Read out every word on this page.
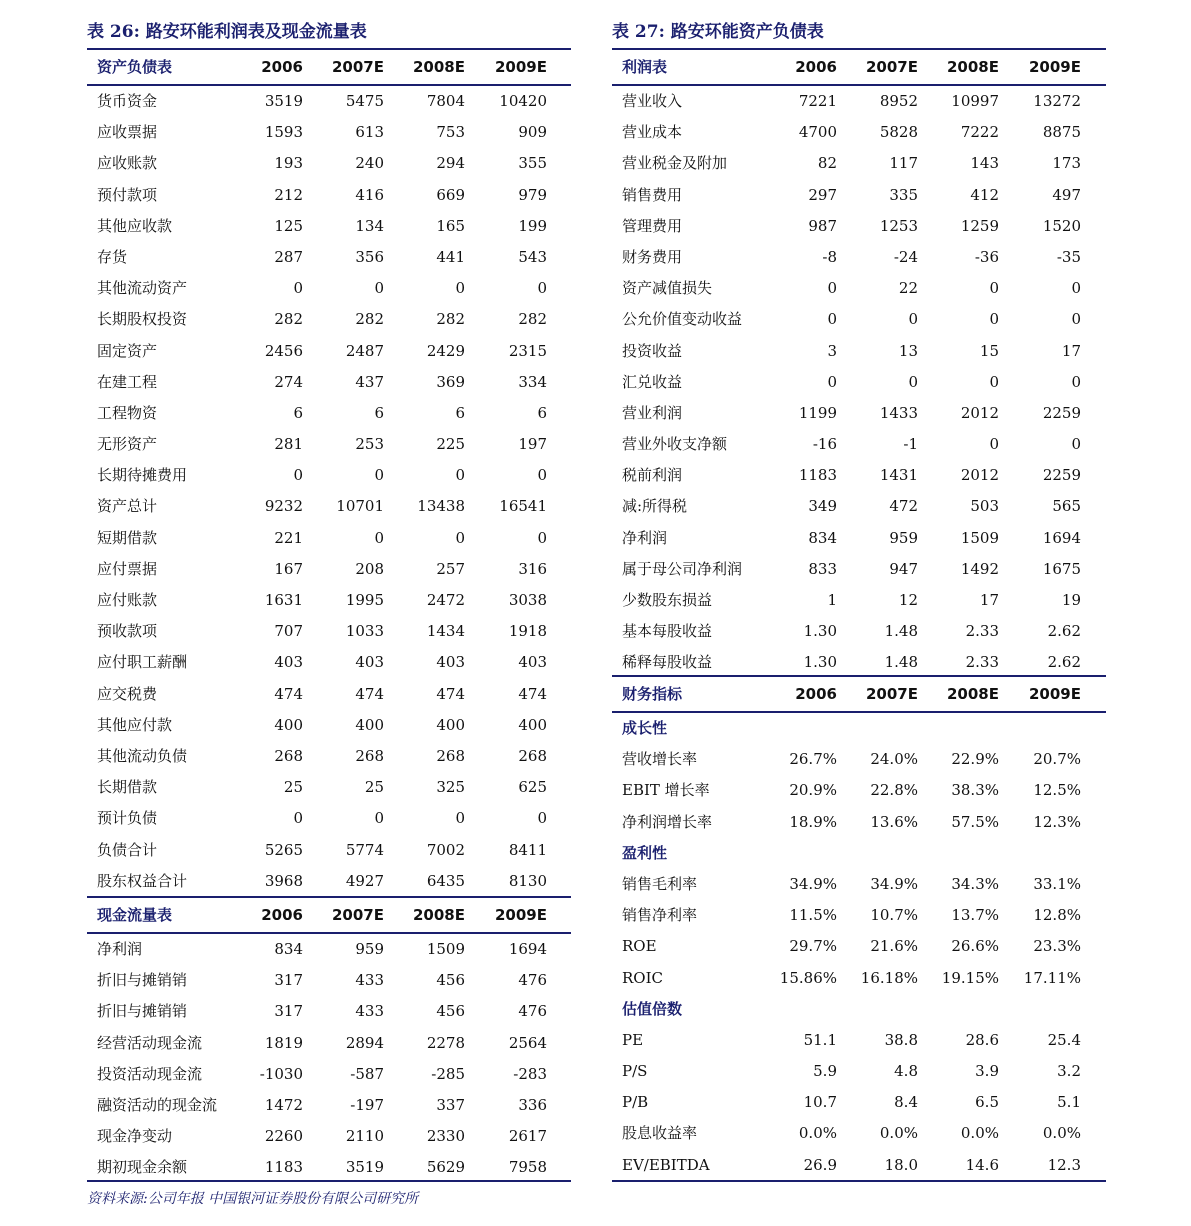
表 26: 路安环能利润表及现金流量表	表 27: 路安环能资产负债表
资产负债表	2006	2007E	2008E	2009E
货币资金	3519	5475	7804	10420
应收票据	1593	613	753	909
应收账款	193	240	294	355
预付款项	212	416	669	979
其他应收款	125	134	165	199
存货	287	356	441	543
其他流动资产	0	0	0	0
长期股权投资	282	282	282	282
固定资产	2456	2487	2429	2315
在建工程	274	437	369	334
工程物资	6	6	6	6
无形资产	281	253	225	197
长期待摊费用	0	0	0	0
资产总计	9232	10701	13438	16541
短期借款	221	0	0	0
应付票据	167	208	257	316
应付账款	1631	1995	2472	3038
预收款项	707	1033	1434	1918
应付职工薪酬	403	403	403	403
应交税费	474	474	474	474
其他应付款	400	400	400	400
其他流动负债	268	268	268	268
长期借款	25	25	325	625
预计负债	0	0	0	0
负债合计	5265	5774	7002	8411
股东权益合计	3968	4927	6435	8130
现金流量表	2006	2007E	2008E	2009E
净利润	834	959	1509	1694
折旧与摊销销	317	433	456	476
折旧与摊销销	317	433	456	476
经营活动现金流	1819	2894	2278	2564
投资活动现金流	-1030	-587	-285	-283
融资活动的现金流	1472	-197	337	336
现金净变动	2260	2110	2330	2617
期初现金余额	1183	3519	5629	7958
利润表	2006	2007E	2008E	2009E
营业收入	7221	8952	10997	13272
营业成本	4700	5828	7222	8875
营业税金及附加	82	117	143	173
销售费用	297	335	412	497
管理费用	987	1253	1259	1520
财务费用	-8	-24	-36	-35
资产减值损失	0	22	0	0
公允价值变动收益	0	0	0	0
投资收益	3	13	15	17
汇兑收益	0	0	0	0
营业利润	1199	1433	2012	2259
营业外收支净额	-16	-1	0	0
税前利润	1183	1431	2012	2259
减:所得税	349	472	503	565
净利润	834	959	1509	1694
属于母公司净利润	833	947	1492	1675
少数股东损益	1	12	17	19
基本每股收益	1.30	1.48	2.33	2.62
稀释每股收益	1.30	1.48	2.33	2.62
财务指标	2006	2007E	2008E	2009E
成长性
营收增长率	26.7%	24.0%	22.9%	20.7%
EBIT 增长率	20.9%	22.8%	38.3%	12.5%
净利润增长率	18.9%	13.6%	57.5%	12.3%
盈利性
销售毛利率	34.9%	34.9%	34.3%	33.1%
销售净利率	11.5%	10.7%	13.7%	12.8%
ROE	29.7%	21.6%	26.6%	23.3%
ROIC	15.86%	16.18%	19.15%	17.11%
估值倍数
PE	51.1	38.8	28.6	25.4
P/S	5.9	4.8	3.9	3.2
P/B	10.7	8.4	6.5	5.1
股息收益率	0.0%	0.0%	0.0%	0.0%
EV/EBITDA	26.9	18.0	14.6	12.3
资料来源:公司年报 中国银河证券股份有限公司研究所
